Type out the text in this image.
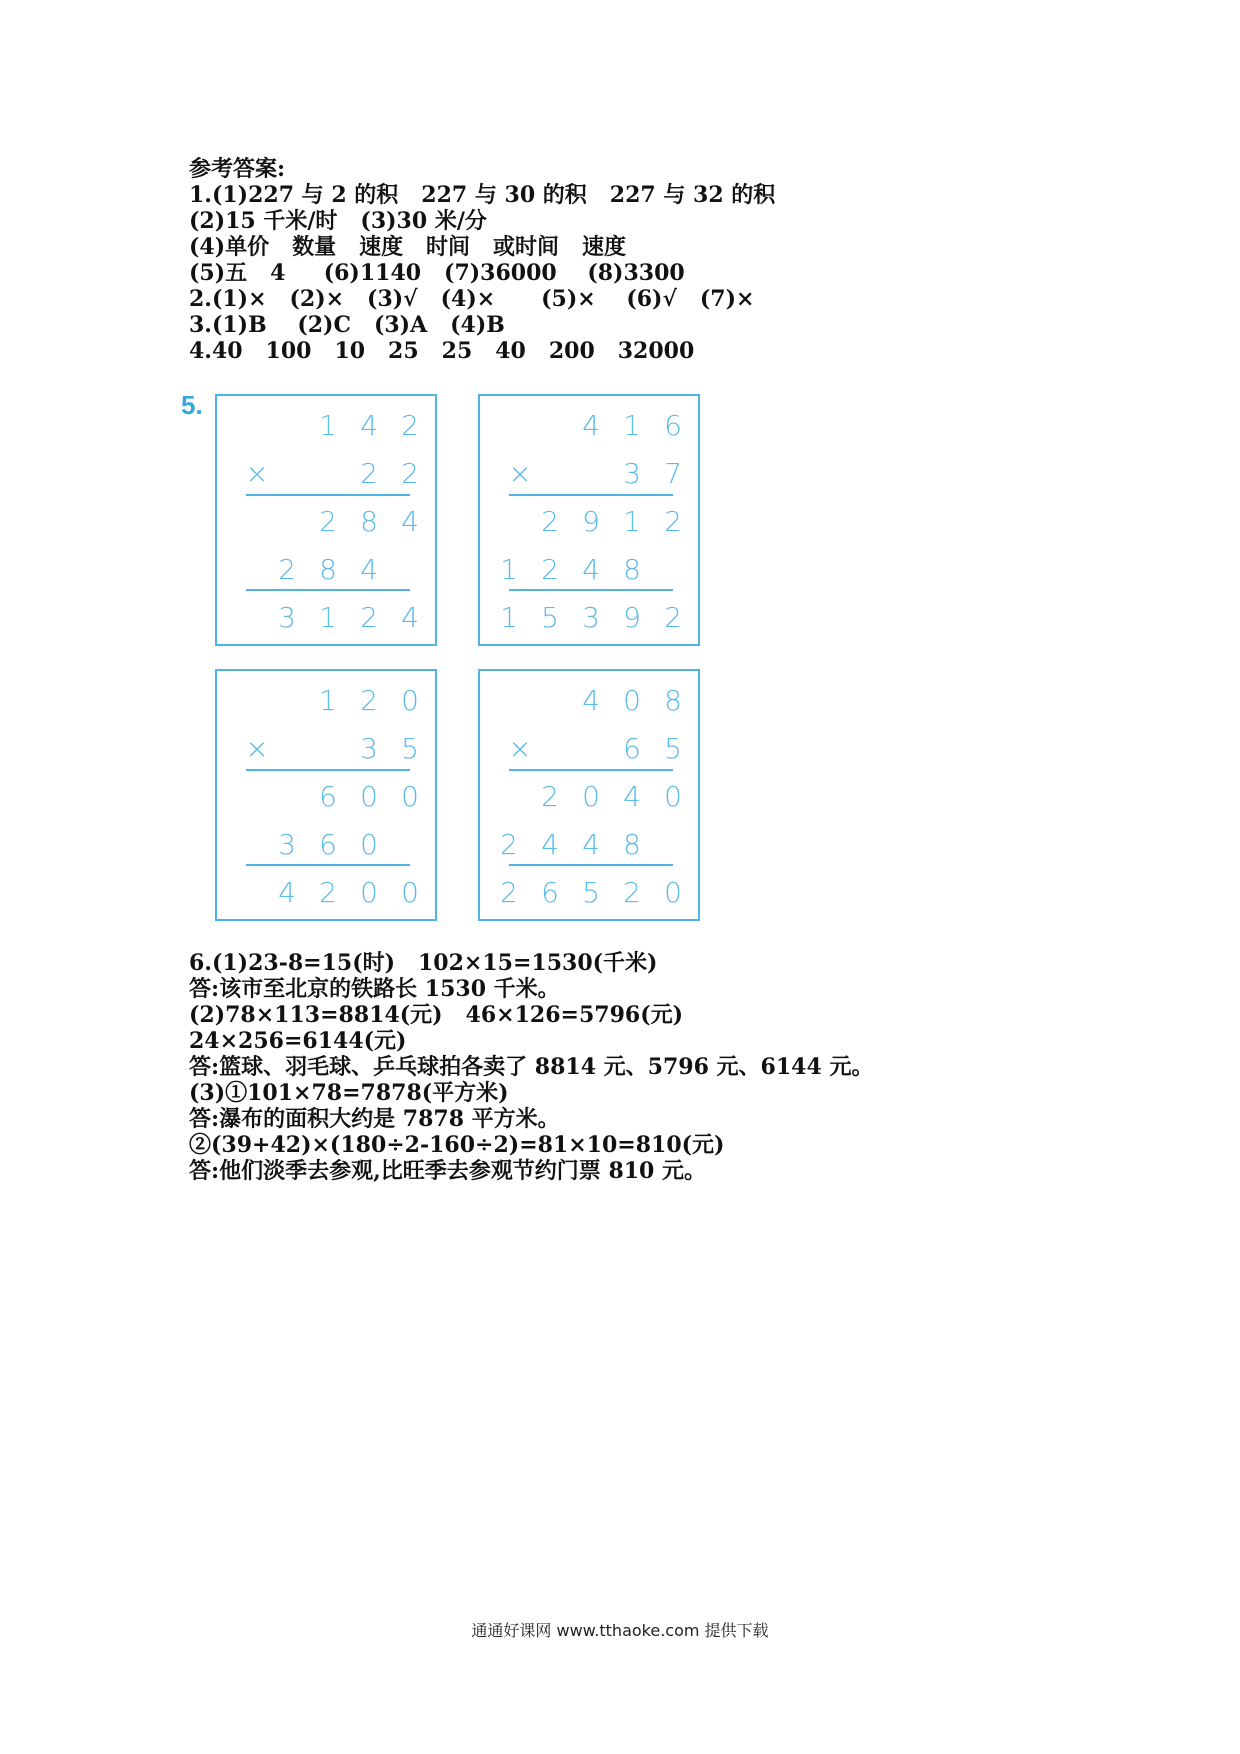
参考答案:
1.(1)227 与 2 的积   227 与 30 的积   227 与 32 的积
(2)15 千米/时   (3)30 米/分
(4)单价   数量   速度   时间   或时间   速度
(5)五   4     (6)1140   (7)36000    (8)3300
2.(1)×   (2)×   (3)√   (4)×      (5)×    (6)√   (7)×
3.(1)B    (2)C   (3)A   (4)B
4.40   100   10   25   25   40   200   32000
5.
1 4 2
×	2 2
2 8 4
2 8 4
3 1 2 4
4 1 6
×	3 7
2 9 1 2
1 2 4 8
1 5 3 9 2
1 2 0
×	3 5
6 0 0
3 6 0
4 2 0 0
4 0 8
×	6 5
2 0 4 0
2 4 4 8
2 6 5 2 0
6.(1)23-8=15(时)   102×15=1530(千米)
答:该市至北京的铁路长 1530 千米。
(2)78×113=8814(元)   46×126=5796(元)
24×256=6144(元)
答:篮球、羽毛球、乒乓球拍各卖了 8814 元、5796 元、6144 元。
(3)①101×78=7878(平方米)
答:瀑布的面积大约是 7878 平方米。
②(39+42)×(180÷2-160÷2)=81×10=810(元)
答:他们淡季去参观,比旺季去参观节约门票 810 元。
通通好课网 www.tthaoke.com 提供下载
